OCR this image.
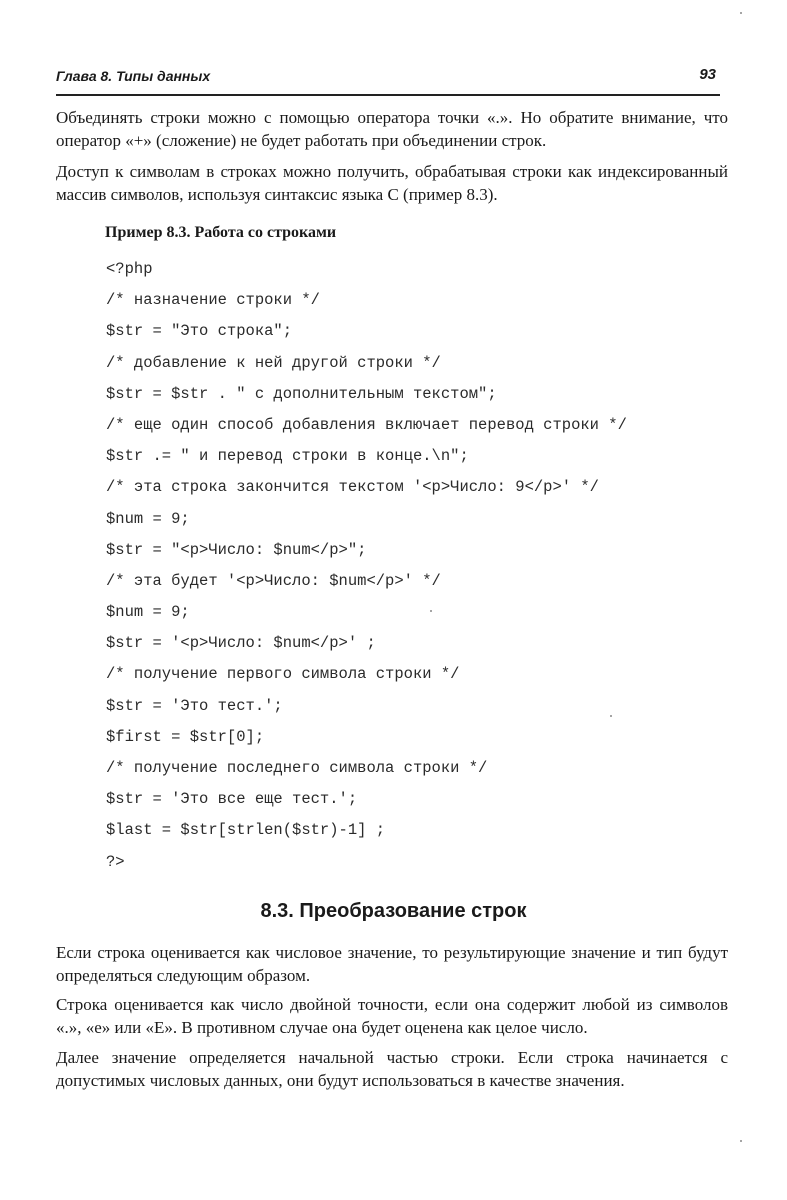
Глава 8. Типы данных	93

Объединять строки можно с помощью оператора точки «.». Но обратите внимание, что оператор «+» (сложение) не будет работать при объединении строк.

Доступ к символам в строках можно получить, обрабатывая строки как индексированный массив символов, используя синтаксис языка С (пример 8.3).

Пример 8.3. Работа со строками

<?php
/* назначение строки */
$str = "Это строка";
/* добавление к ней другой строки */
$str = $str . " с дополнительным текстом";
/* еще один способ добавления включает перевод строки */
$str .= " и перевод строки в конце.\n";
/* эта строка закончится текстом '<p>Число: 9</p>' */
$num = 9;
$str = "<p>Число: $num</p>";
/* эта будет '<p>Число: $num</p>' */
$num = 9;
$str = '<p>Число: $num</p>' ;
/* получение первого символа строки */
$str = 'Это тест.';
$first = $str[0];
/* получение последнего символа строки */
$str = 'Это все еще тест.';
$last = $str[strlen($str)-1] ;
?>
8.3. Преобразование строк

Если строка оценивается как числовое значение, то результирующие значение и тип будут определяться следующим образом.

Строка оценивается как число двойной точности, если она содержит любой из символов «.», «е» или «Е». В противном случае она будет оценена как целое число.

Далее значение определяется начальной частью строки. Если строка начинается с допустимых числовых данных, они будут использоваться в качестве значения.
